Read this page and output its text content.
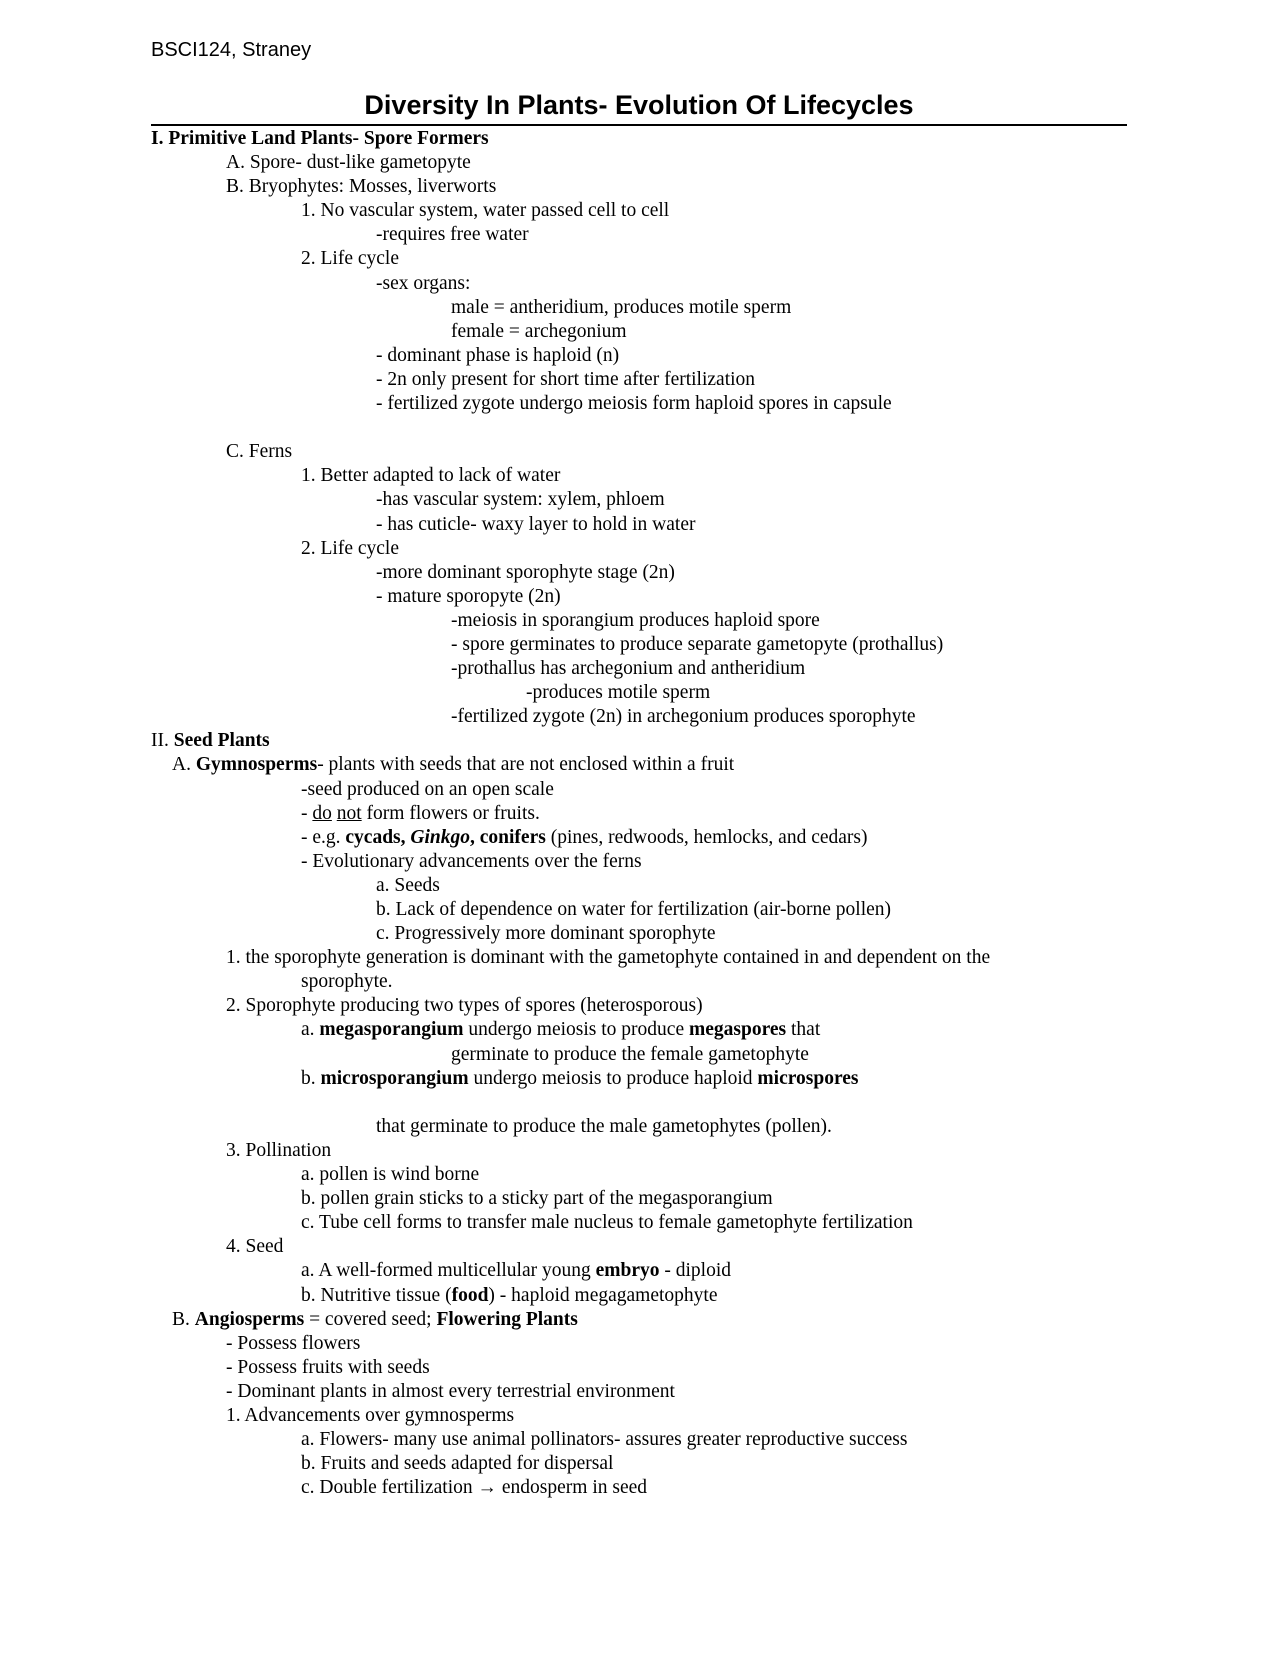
BSCI124, Straney
Diversity In Plants- Evolution Of Lifecycles
I. Primitive Land Plants- Spore Formers
A. Spore- dust-like gametopyte
B. Bryophytes: Mosses, liverworts
1. No vascular system, water passed cell to cell
-requires free water
2. Life cycle
-sex organs:
male = antheridium, produces motile sperm
female = archegonium
- dominant phase is haploid (n)
- 2n only present for short time after fertilization
- fertilized zygote undergo meiosis form haploid spores in capsule
C. Ferns
1. Better adapted to lack of water
-has vascular system: xylem, phloem
- has cuticle- waxy layer to hold in water
2. Life cycle
-more dominant sporophyte stage (2n)
- mature sporopyte (2n)
-meiosis in sporangium produces haploid spore
- spore germinates to produce separate gametopyte (prothallus)
-prothallus has archegonium and antheridium
-produces motile sperm
-fertilized zygote (2n) in archegonium produces sporophyte
II. Seed Plants
A. Gymnosperms- plants with seeds that are not enclosed within a fruit
-seed produced on an open scale
- do not form flowers or fruits.
- e.g. cycads, Ginkgo, conifers (pines, redwoods, hemlocks, and cedars)
- Evolutionary advancements over the ferns
a. Seeds
b. Lack of dependence on water for fertilization (air-borne pollen)
c. Progressively more dominant sporophyte
1. the sporophyte generation is dominant with the gametophyte contained in and dependent on the
sporophyte.
2. Sporophyte producing two types of spores (heterosporous)
a. megasporangium undergo meiosis to produce megaspores that
germinate to produce the female gametophyte
b. microsporangium undergo meiosis to produce haploid microspores
that germinate to produce the male gametophytes (pollen).
3. Pollination
a. pollen is wind borne
b. pollen grain sticks to a sticky part of the megasporangium
c. Tube cell forms to transfer male nucleus to female gametophyte fertilization
4. Seed
a. A well-formed multicellular young embryo - diploid
b. Nutritive tissue (food) - haploid megagametophyte
B. Angiosperms = covered seed; Flowering Plants
- Possess flowers
- Possess fruits with seeds
- Dominant plants in almost every terrestrial environment
1. Advancements over gymnosperms
a. Flowers- many use animal pollinators- assures greater reproductive success
b. Fruits and seeds adapted for dispersal
c. Double fertilization → endosperm in seed
